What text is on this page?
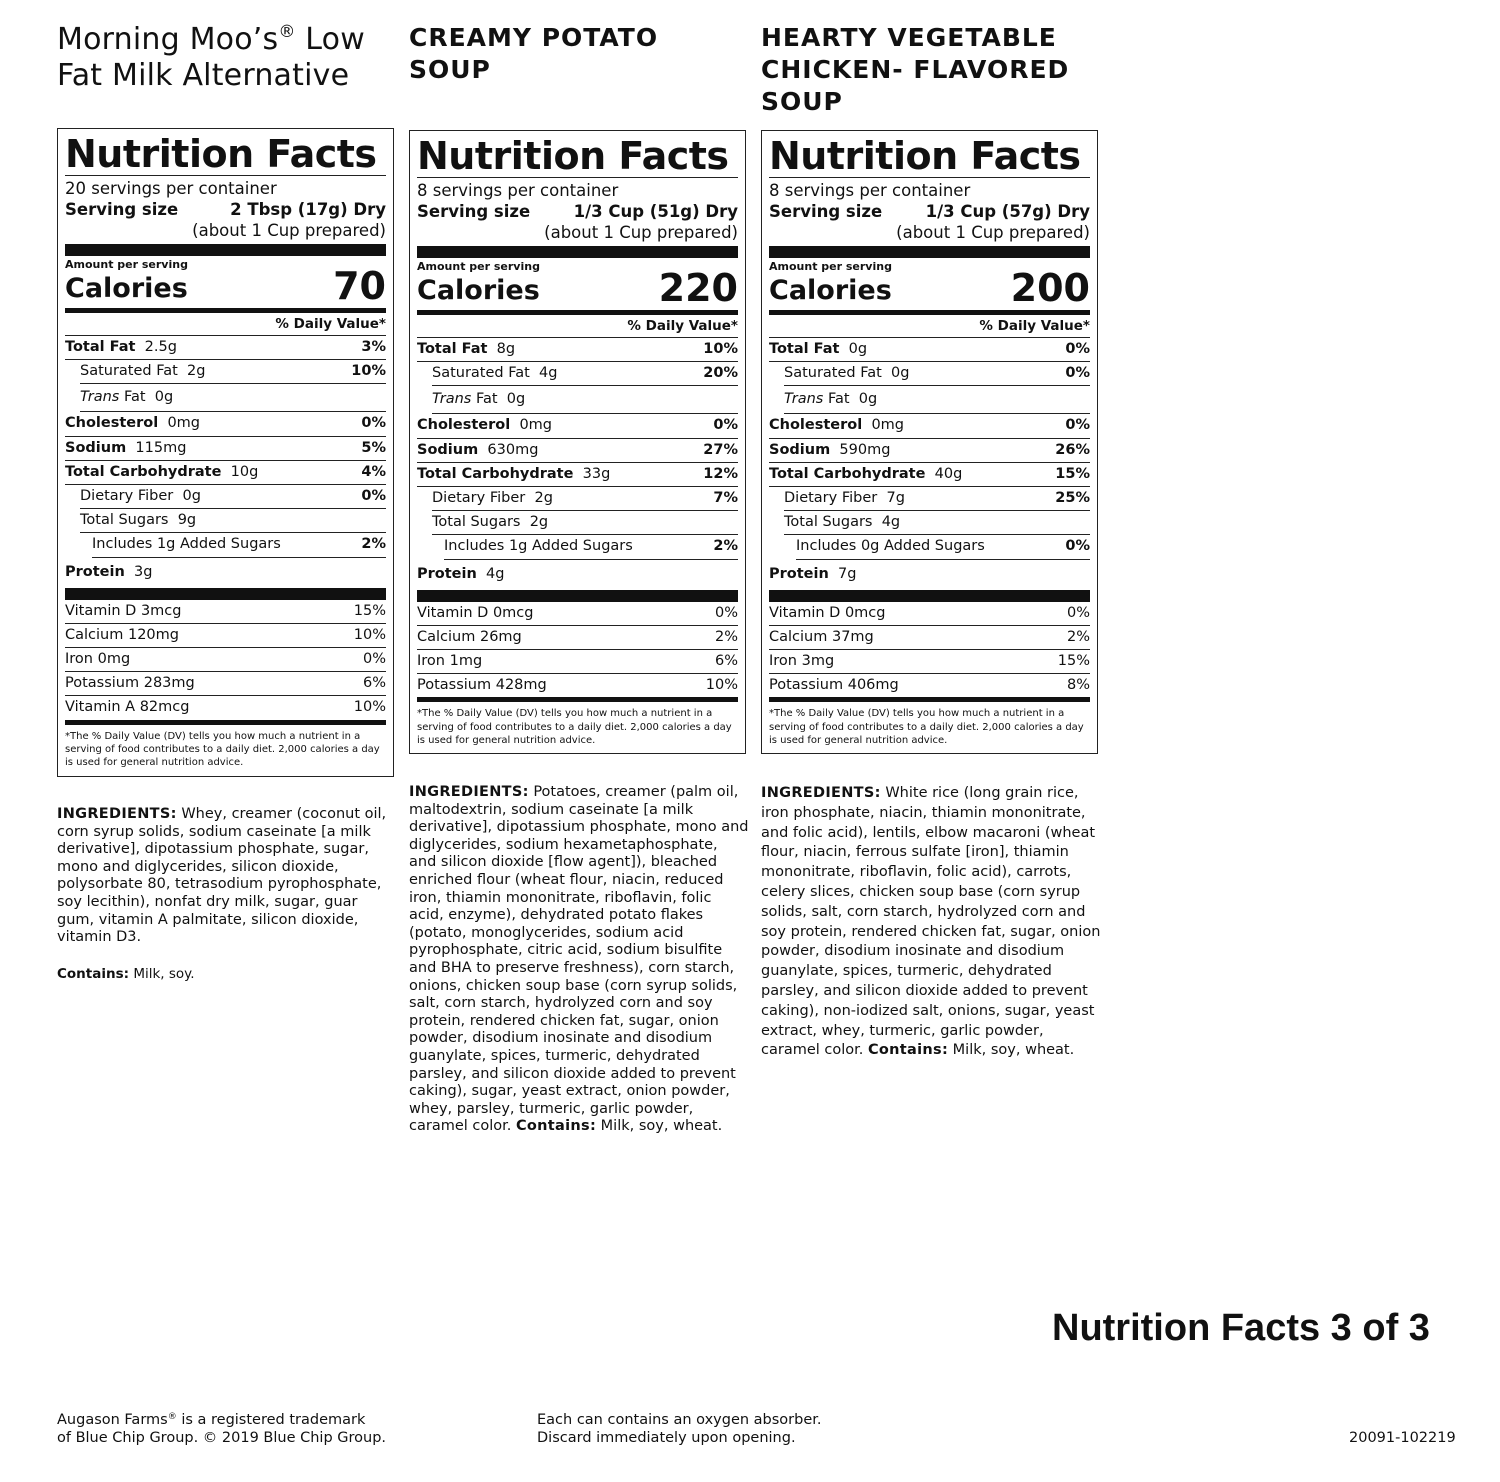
Morning Moo’s® Low
Fat Milk Alternative
Nutrition Facts
20 servings per container
Serving size	2 Tbsp (17g) Dry
(about 1 Cup prepared)
Amount per serving
Calories	70
% Daily Value*
Total Fat 2.5g	3%
Saturated Fat 2g	10%
Trans Fat 0g
Cholesterol 0mg	0%
Sodium 115mg	5%
Total Carbohydrate 10g	4%
Dietary Fiber 0g	0%
Total Sugars 9g
Includes 1g Added Sugars	2%
Protein 3g
Vitamin D 3mcg	15%
Calcium 120mg	10%
Iron 0mg	0%
Potassium 283mg	6%
Vitamin A 82mcg	10%
*The % Daily Value (DV) tells you how much a nutrient in a serving of food contributes to a daily diet. 2,000 calories a day is used for general nutrition advice.
INGREDIENTS: Whey, creamer (coconut oil, corn syrup solids, sodium caseinate [a milk derivative], dipotassium phosphate, sugar, mono and diglycerides, silicon dioxide, polysorbate 80, tetrasodium pyrophosphate, soy lecithin), nonfat dry milk, sugar, guar gum, vitamin A palmitate, silicon dioxide, vitamin D3.
Contains: Milk, soy.
CREAMY POTATO
SOUP
Nutrition Facts
8 servings per container
Serving size	1/3 Cup (51g) Dry
(about 1 Cup prepared)
Amount per serving
Calories	220
% Daily Value*
Total Fat 8g	10%
Saturated Fat 4g	20%
Trans Fat 0g
Cholesterol 0mg	0%
Sodium 630mg	27%
Total Carbohydrate 33g	12%
Dietary Fiber 2g	7%
Total Sugars 2g
Includes 1g Added Sugars	2%
Protein 4g
Vitamin D 0mcg	0%
Calcium 26mg	2%
Iron 1mg	6%
Potassium 428mg	10%
*The % Daily Value (DV) tells you how much a nutrient in a serving of food contributes to a daily diet. 2,000 calories a day is used for general nutrition advice.
INGREDIENTS: Potatoes, creamer (palm oil, maltodextrin, sodium caseinate [a milk derivative], dipotassium phosphate, mono and diglycerides, sodium hexametaphosphate, and silicon dioxide [flow agent]), bleached enriched flour (wheat flour, niacin, reduced iron, thiamin mononitrate, riboflavin, folic acid, enzyme), dehydrated potato flakes (potato, monoglycerides, sodium acid pyrophosphate, citric acid, sodium bisulfite and BHA to preserve freshness), corn starch, onions, chicken soup base (corn syrup solids, salt, corn starch, hydrolyzed corn and soy protein, rendered chicken fat, sugar, onion powder, disodium inosinate and disodium guanylate, spices, turmeric, dehydrated parsley, and silicon dioxide added to prevent caking), sugar, yeast extract, onion powder, whey, parsley, turmeric, garlic powder, caramel color. Contains: Milk, soy, wheat.
HEARTY VEGETABLE
CHICKEN- FLAVORED
SOUP
Nutrition Facts
8 servings per container
Serving size	1/3 Cup (57g) Dry
(about 1 Cup prepared)
Amount per serving
Calories	200
% Daily Value*
Total Fat 0g	0%
Saturated Fat 0g	0%
Trans Fat 0g
Cholesterol 0mg	0%
Sodium 590mg	26%
Total Carbohydrate 40g	15%
Dietary Fiber 7g	25%
Total Sugars 4g
Includes 0g Added Sugars	0%
Protein 7g
Vitamin D 0mcg	0%
Calcium 37mg	2%
Iron 3mg	15%
Potassium 406mg	8%
*The % Daily Value (DV) tells you how much a nutrient in a serving of food contributes to a daily diet. 2,000 calories a day is used for general nutrition advice.
INGREDIENTS: White rice (long grain rice, iron phosphate, niacin, thiamin mononitrate, and folic acid), lentils, elbow macaroni (wheat flour, niacin, ferrous sulfate [iron], thiamin mononitrate, riboflavin, folic acid), carrots, celery slices, chicken soup base (corn syrup solids, salt, corn starch, hydrolyzed corn and soy protein, rendered chicken fat, sugar, onion powder, disodium inosinate and disodium guanylate, spices, turmeric, dehydrated parsley, and silicon dioxide added to prevent caking), non-iodized salt, onions, sugar, yeast extract, whey, turmeric, garlic powder, caramel color. Contains: Milk, soy, wheat.
Nutrition Facts 3 of 3
Augason Farms® is a registered trademark
of Blue Chip Group. © 2019 Blue Chip Group.
Each can contains an oxygen absorber.
Discard immediately upon opening.	20091-102219
